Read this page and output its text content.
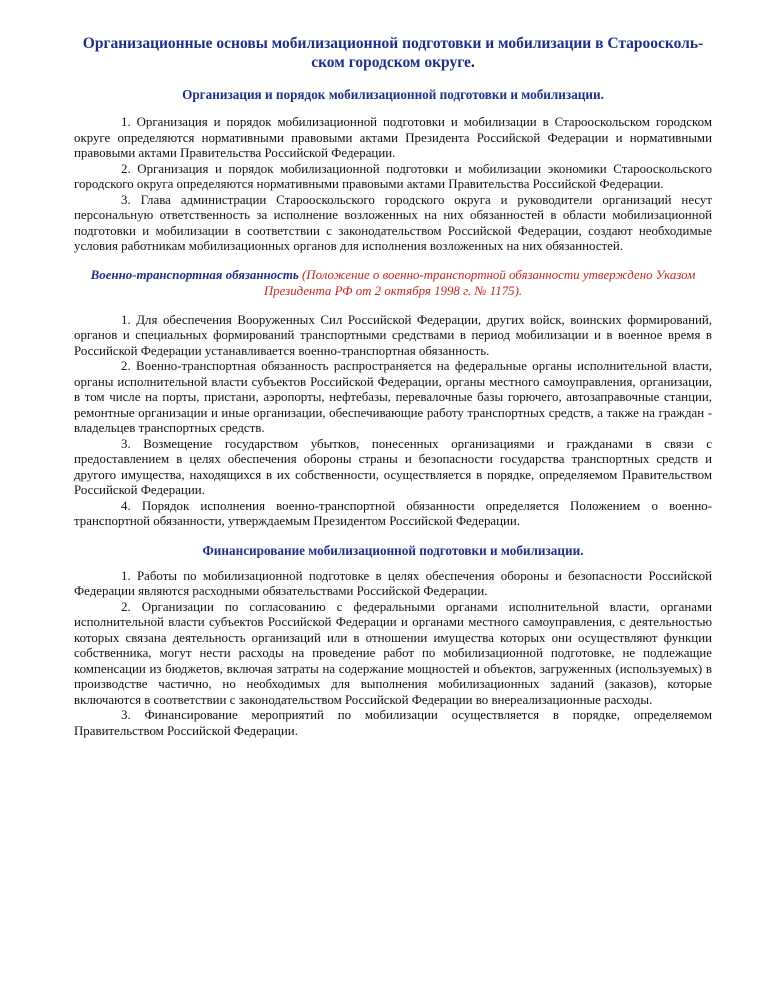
Организационные основы мобилизационной подготовки и мобилизации в Старооскольском городском округе.
Организация и порядок мобилизационной подготовки и мобилизации.

1. Организация и порядок мобилизационной подготовки и мобилизации в Старооскольском городском округе определяются нормативными правовыми актами Президента Российской Федерации и нормативными правовыми актами Правительства Российской Федерации.

2. Организация и порядок мобилизационной подготовки и мобилизации экономики Старооскольского городского округа определяются нормативными правовыми актами Правительства Российской Федерации.

3. Глава администрации Старооскольского городского округа и руководители организаций несут персональную ответственность за исполнение возложенных на них обязанностей в области мобилизационной подготовки и мобилизации в соответствии с законодательством Российской Федерации, создают необходимые условия работникам мобилизационных органов для исполнения возложенных на них обязанностей.

Военно-транспортная обязанность (Положение о военно-транспортной обязанности утверждено Указом Президента РФ от 2 октября 1998 г. № 1175).

1. Для обеспечения Вооруженных Сил Российской Федерации, других войск, воинских формирований, органов и специальных формирований транспортными средствами в период мобилизации и в военное время в Российской Федерации устанавливается военно-транспортная обязанность.

2. Военно-транспортная обязанность распространяется на федеральные органы исполнительной власти, органы исполнительной власти субъектов Российской Федерации, органы местного самоуправления, организации, в том числе на порты, пристани, аэропорты, нефтебазы, перевалочные базы горючего, автозаправочные станции, ремонтные организации и иные организации, обеспечивающие работу транспортных средств, а также на граждан - владельцев транспортных средств.

3. Возмещение государством убытков, понесенных организациями и гражданами в связи с предоставлением в целях обеспечения обороны страны и безопасности государства транспортных средств и другого имущества, находящихся в их собственности, осуществляется в порядке, определяемом Правительством Российской Федерации.

4. Порядок исполнения военно-транспортной обязанности определяется Положением о военно-транспортной обязанности, утверждаемым Президентом Российской Федерации.

Финансирование мобилизационной подготовки и мобилизации.

1. Работы по мобилизационной подготовке в целях обеспечения обороны и безопасности Российской Федерации являются расходными обязательствами Российской Федерации.

2. Организации по согласованию с федеральными органами исполнительной власти, органами исполнительной власти субъектов Российской Федерации и органами местного самоуправления, с деятельностью которых связана деятельность организаций или в отношении имущества которых они осуществляют функции собственника, могут нести расходы на проведение работ по мобилизационной подготовке, не подлежащие компенсации из бюджетов, включая затраты на содержание мощностей и объектов, загруженных (используемых) в производстве частично, но необходимых для выполнения мобилизационных заданий (заказов), которые включаются в соответствии с законодательством Российской Федерации во внереализационные расходы.

3. Финансирование мероприятий по мобилизации осуществляется в порядке, определяемом Правительством Российской Федерации.
